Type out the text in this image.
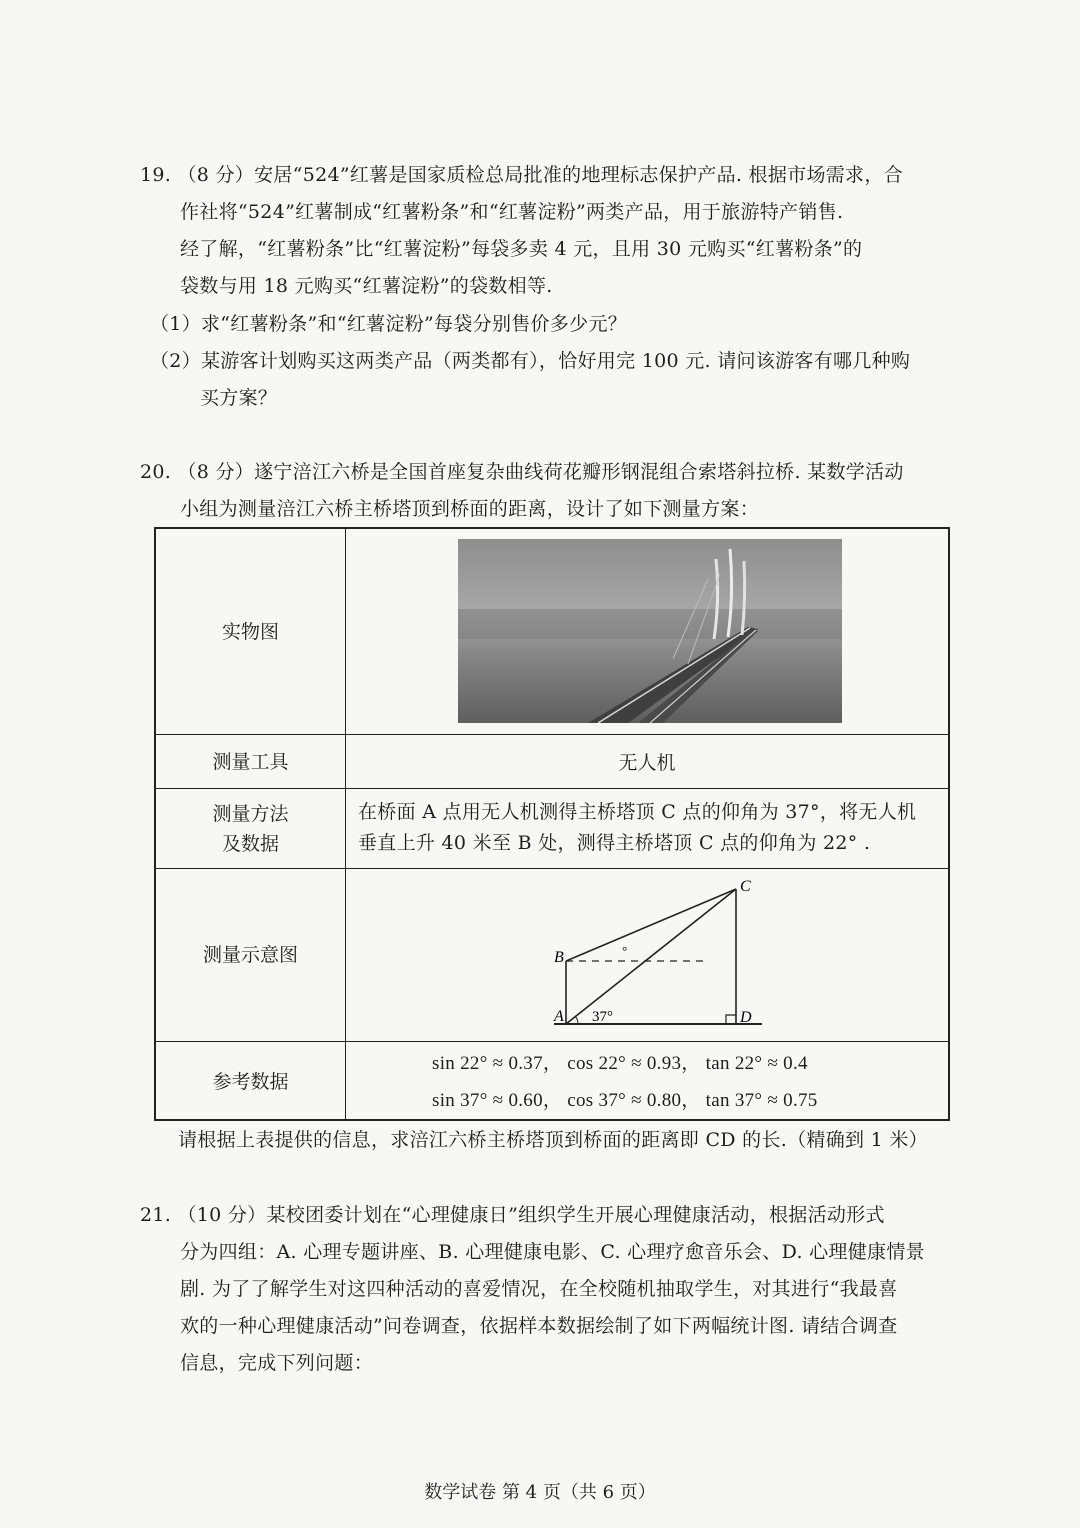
19. （8 分）安居“524”红薯是国家质检总局批准的地理标志保护产品. 根据市场需求，合
作社将“524”红薯制成“红薯粉条”和“红薯淀粉”两类产品，用于旅游特产销售.
经了解，“红薯粉条”比“红薯淀粉”每袋多卖 4 元，且用 30 元购买“红薯粉条”的
袋数与用 18 元购买“红薯淀粉”的袋数相等.
（1）求“红薯粉条”和“红薯淀粉”每袋分别售价多少元？
（2）某游客计划购买这两类产品（两类都有），恰好用完 100 元. 请问该游客有哪几种购
买方案？
20. （8 分）遂宁涪江六桥是全国首座复杂曲线荷花瓣形钢混组合索塔斜拉桥. 某数学活动
小组为测量涪江六桥主桥塔顶到桥面的距离，设计了如下测量方案：
实物图
测量工具	无人机
测量方法
及数据
在桥面 A 点用无人机测得主桥塔顶 C 点的仰角为 37°，将无人机
垂直上升 40 米至 B 处，测得主桥塔顶 C 点的仰角为 22° .
测量示意图	B
A
C
D
37°
°
参考数据
sin 22° ≈ 0.37， cos 22° ≈ 0.93， tan 22° ≈ 0.4
sin 37° ≈ 0.60， cos 37° ≈ 0.80， tan 37° ≈ 0.75
请根据上表提供的信息，求涪江六桥主桥塔顶到桥面的距离即 CD 的长.（精确到 1 米）
21. （10 分）某校团委计划在“心理健康日”组织学生开展心理健康活动，根据活动形式
分为四组：A. 心理专题讲座、B. 心理健康电影、C. 心理疗愈音乐会、D. 心理健康情景
剧. 为了了解学生对这四种活动的喜爱情况，在全校随机抽取学生，对其进行“我最喜
欢的一种心理健康活动”问卷调查，依据样本数据绘制了如下两幅统计图. 请结合调查
信息，完成下列问题：
数学试卷 第 4 页（共 6 页）
